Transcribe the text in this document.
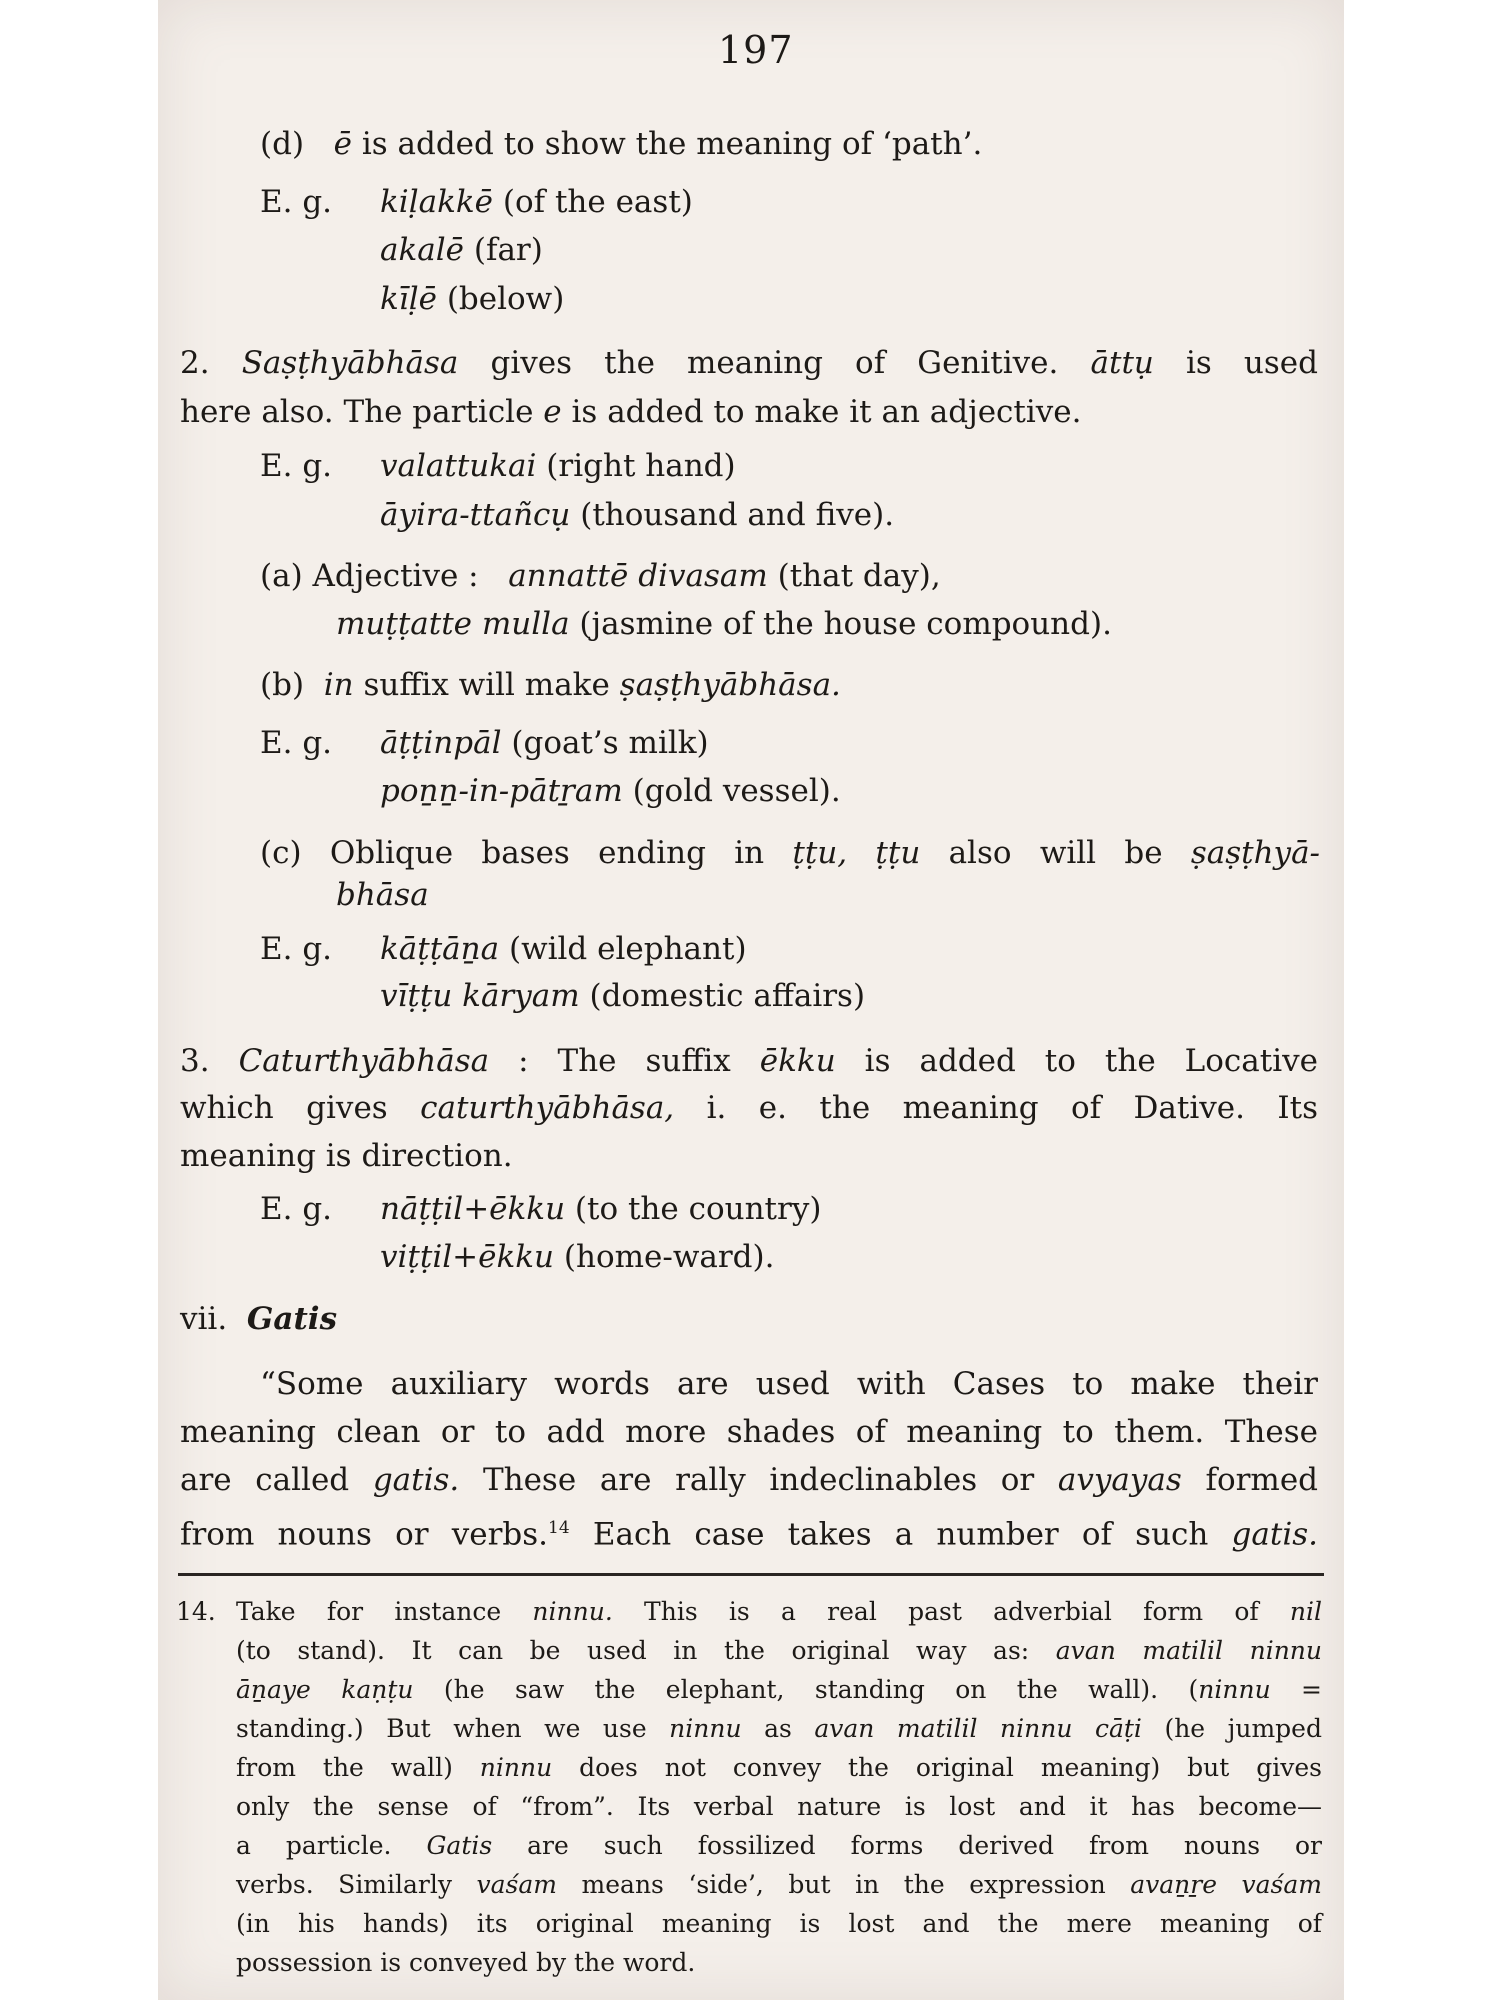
197
(d) ē is added to show the meaning of ‘path’.
E. g. kiḷakkē (of the east)
akalē (far)
kīḷē (below)
2. Saṣṭhyābhāsa gives the meaning of Genitive. āttụ is used
here also. The particle e is added to make it an adjective.
E. g. valattukai (right hand)
āyira-ttañcụ (thousand and five).
(a) Adjective :   annattē divasam (that day),
muṭṭatte mulla (jasmine of the house compound).
(b) in suffix will make ṣaṣṭhyābhāsa.
E. g. āṭṭinpāl (goat’s milk)
poṉṉ-in-pātṟam (gold vessel).
(c) Oblique bases ending in ṭṭu, ṭṭu also will be ṣaṣṭhyā-
bhāsa
E. g. kāṭṭāṉa (wild elephant)
vīṭṭu kāryam (domestic affairs)
3. Caturthyābhāsa : The suffix ēkku is added to the Locative
which gives caturthyābhāsa, i. e. the meaning of Dative. Its
meaning is direction.
E. g. nāṭṭil+ēkku (to the country)
viṭṭil+ēkku (home-ward).
vii. Gatis
“Some auxiliary words are used with Cases to make their
meaning clean or to add more shades of meaning to them. These
are called gatis. These are rally indeclinables or avyayas formed
from nouns or verbs.$^{14}$ Each case takes a number of such gatis.
14. Take for instance ninnu. This is a real past adverbial form of nil
(to stand). It can be used in the original way as: avan matilil ninnu
āṉaye kaṇṭu (he saw the elephant, standing on the wall). (ninnu =
standing.) But when we use ninnu as avan matilil ninnu cāṭi (he jumped
from the wall) ninnu does not convey the original meaning) but gives
only the sense of “from”. Its verbal nature is lost and it has become—
a particle. Gatis are such fossilized forms derived from nouns or
verbs. Similarly vaśam means ‘side’, but in the expression avaṉṟe vaśam
(in his hands) its original meaning is lost and the mere meaning of
possession is conveyed by the word.
